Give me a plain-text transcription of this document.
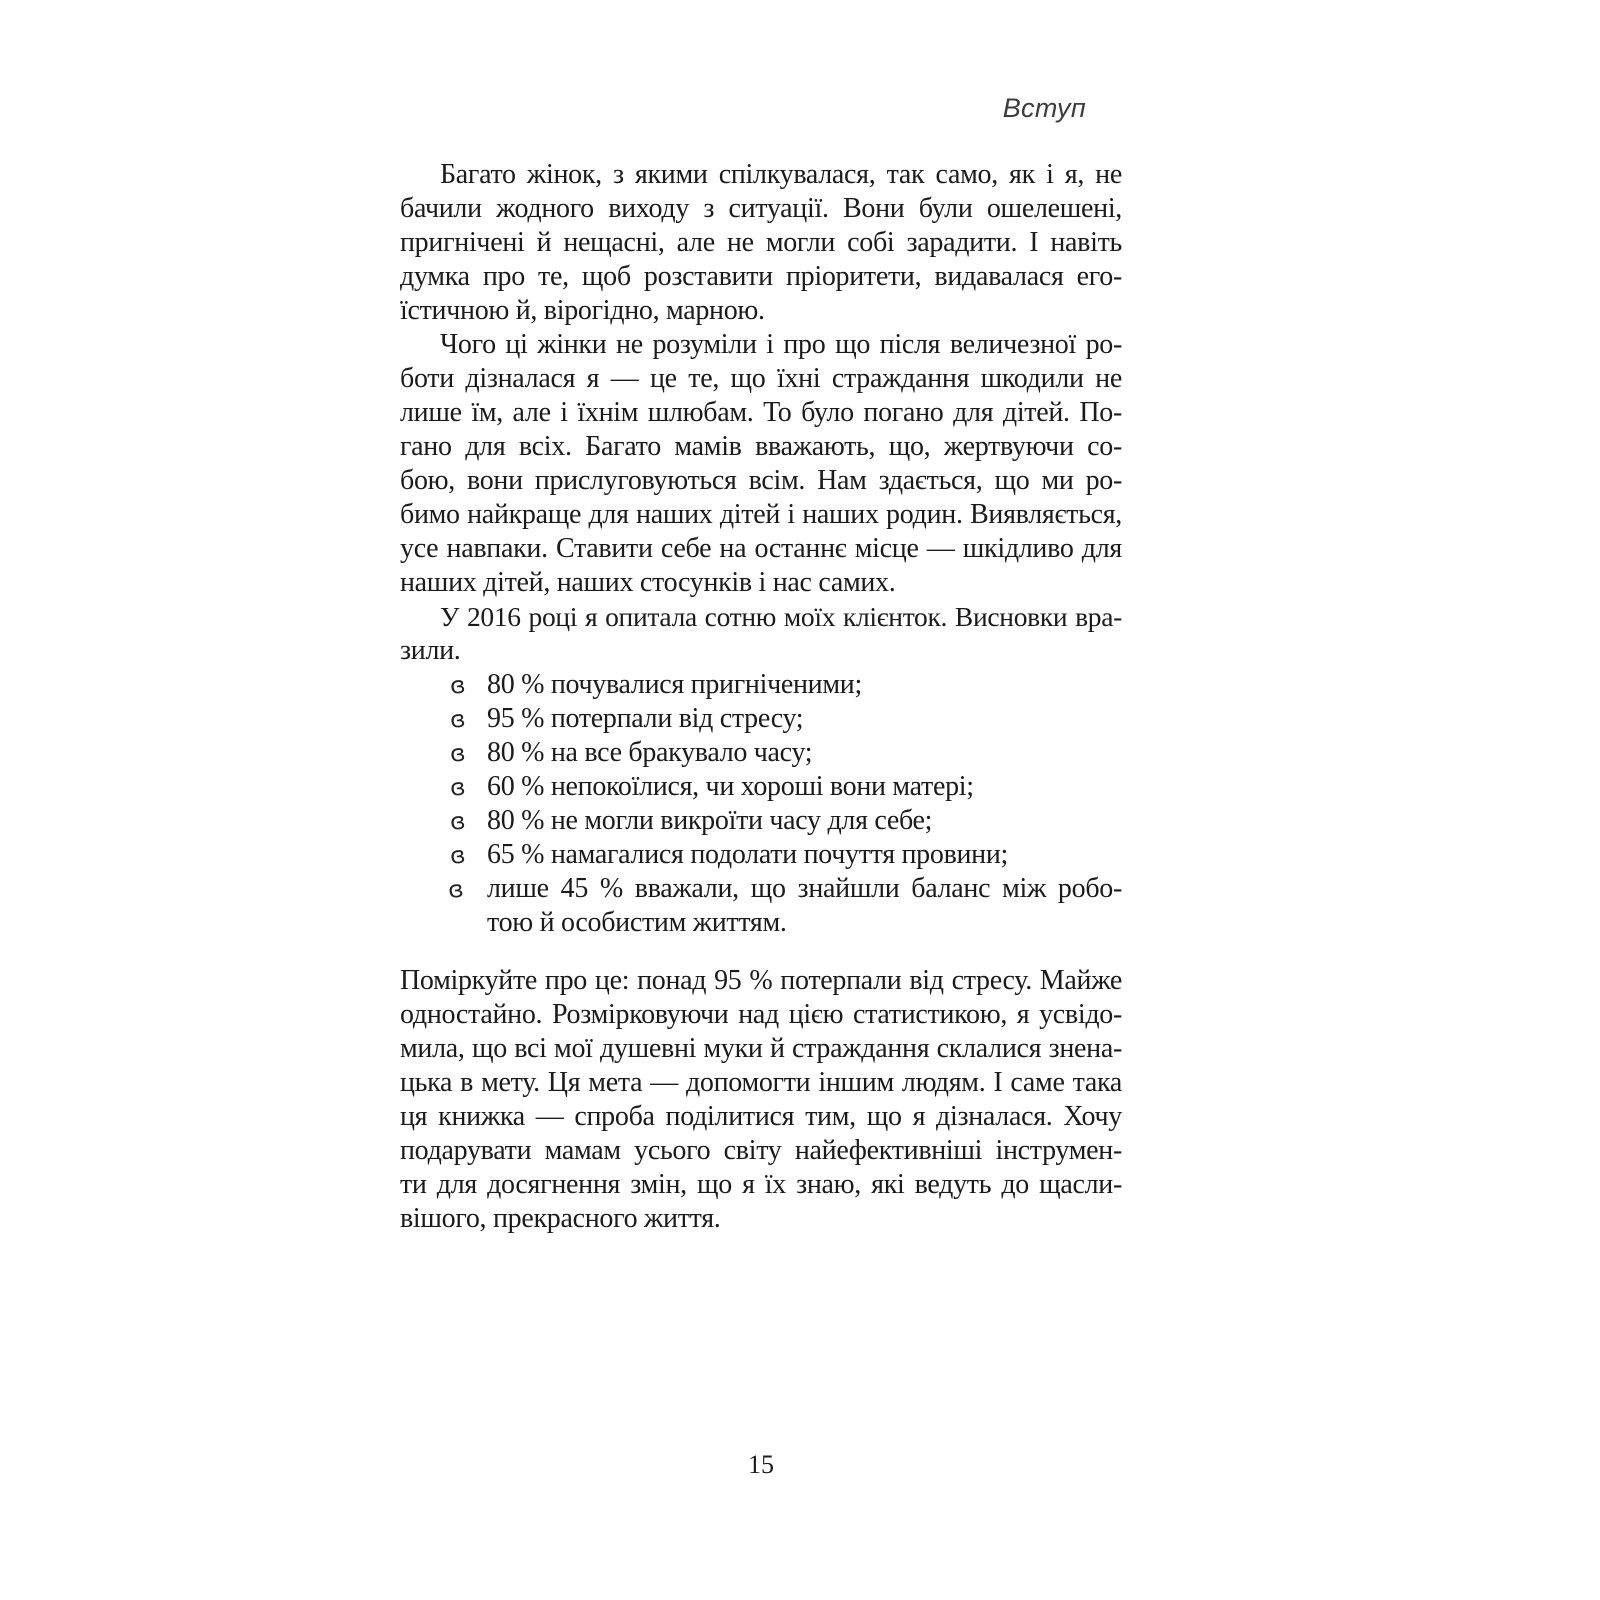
Вступ
Багато жінок, з якими спілкувалася, так само, як і я, не
бачили жодного виходу з ситуації. Вони були ошелешені,
пригнічені й нещасні, але не могли собі зарадити. І навіть
думка про те, щоб розставити пріоритети, видавалася его-
їстичною й, вірогідно, марною.
Чого ці жінки не розуміли і про що після величезної ро-
боти дізналася я — це те, що їхні страждання шкодили не
лише їм, але і їхнім шлюбам. То було погано для дітей. По-
гано для всіх. Багато мамів вважають, що, жертвуючи со-
бою, вони прислуговуються всім. Нам здається, що ми ро-
бимо найкраще для наших дітей і наших родин. Виявляється,
усе навпаки. Ставити себе на останнє місце — шкідливо для
наших дітей, наших стосунків і нас самих.
У 2016 році я опитала сотню моїх клієнток. Висновки вра-
зили.
ɞ 80 % почувалися пригніченими;
ɞ 95 % потерпали від стресу;
ɞ 80 % на все бракувало часу;
ɞ 60 % непокоїлися, чи хороші вони матері;
ɞ 80 % не могли викроїти часу для себе;
ɞ 65 % намагалися подолати почуття провини;
ɞ лише 45 % вважали, що знайшли баланс між робо-
тою й особистим життям.
Поміркуйте про це: понад 95 % потерпали від стресу. Майже
одностайно. Розмірковуючи над цією статистикою, я усвідо-
мила, що всі мої душевні муки й страждання склалися знена-
цька в мету. Ця мета — допомогти іншим людям. І саме така
ця книжка — спроба поділитися тим, що я дізналася. Хочу
подарувати мамам усього світу найефективніші інструмен-
ти для досягнення змін, що я їх знаю, які ведуть до щасли-
вішого, прекрасного життя.
15
